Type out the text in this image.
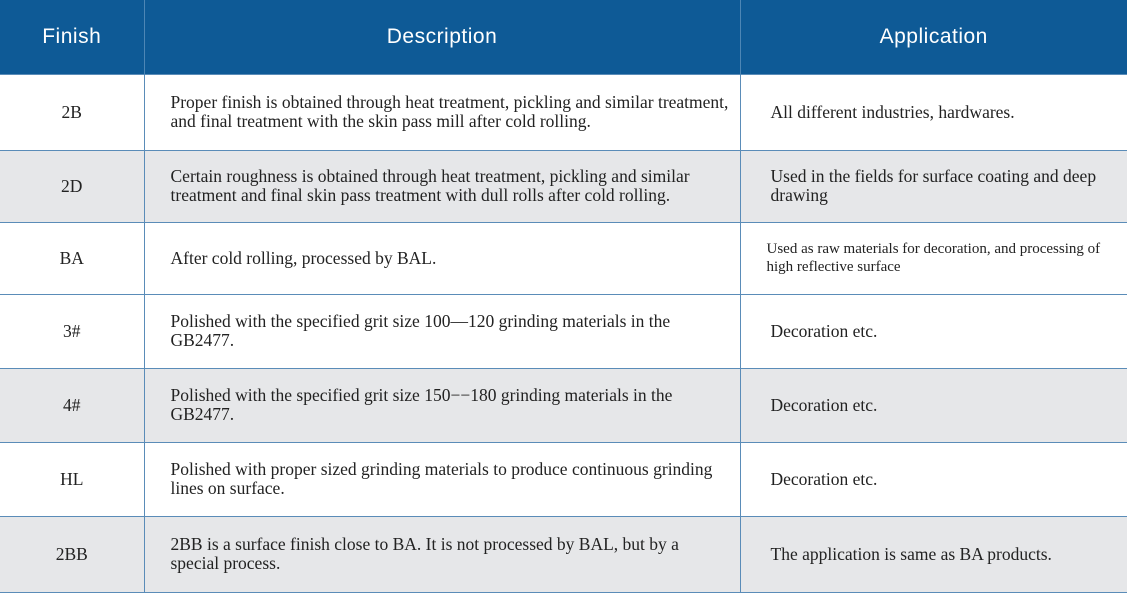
Finish	Description	Application
2B	Proper finish is obtained through heat treatment, pickling and similar treatment, and final treatment with the skin pass mill after cold rolling.	All different industries, hardwares.
2D	Certain roughness is obtained through heat treatment, pickling and similar treatment and final skin pass treatment with dull rolls after cold rolling.	Used in the fields for surface coating and deep drawing
BA	After cold rolling, processed by BAL.	Used as raw materials for decoration, and processing of high reflective surface
3#	Polished with the specified grit size 100—120 grinding materials in the GB2477.	Decoration etc.
4#	Polished with the specified grit size 150−−180 grinding materials in the GB2477.	Decoration etc.
HL	Polished with proper sized grinding materials to produce continuous grinding lines on surface.	Decoration etc.
2BB	2BB is a surface finish close to BA. It is not processed by BAL, but by a special process.	The application is same as BA products.
